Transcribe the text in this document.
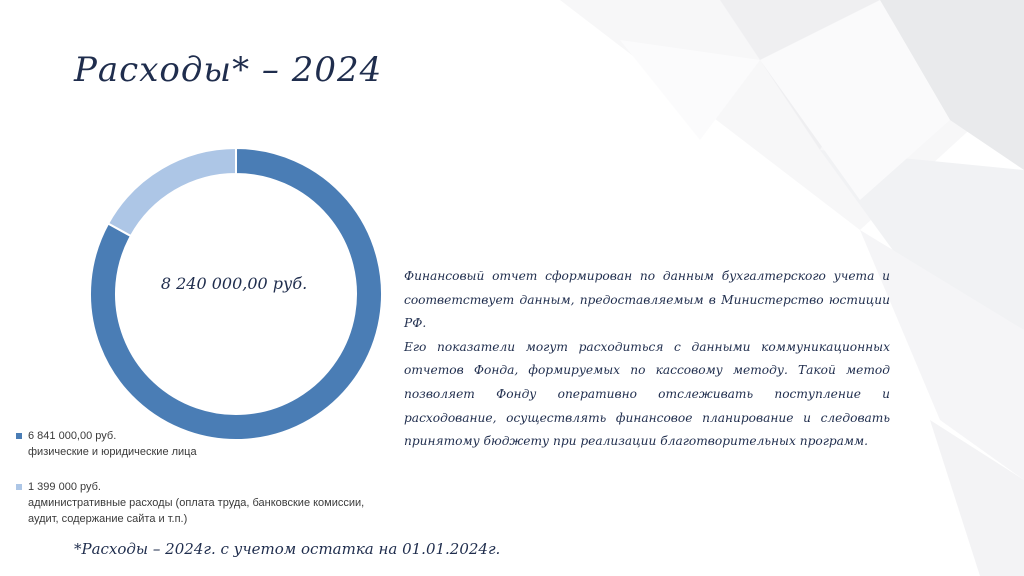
Расходы* – 2024
8 240 000,00 руб.
6 841 000,00 руб.
физические и юридические лица
1 399 000 руб.
административные расходы (оплата труда, банковские комиссии,
аудит, содержание сайта и т.п.)

Финансовый отчет сформирован по данным бухгалтерского учета и соответствует данным, предоставляемым в Министерство юстиции РФ.

Его показатели могут расходиться с данными коммуникационных отчетов Фонда, формируемых по кассовому методу. Такой метод позволяет Фонду оперативно отслеживать поступление и расходование, осуществлять финансовое планирование и следовать принятому бюджету при реализации благотворительных программ.

*Расходы – 2024г. с учетом остатка на 01.01.2024г.
